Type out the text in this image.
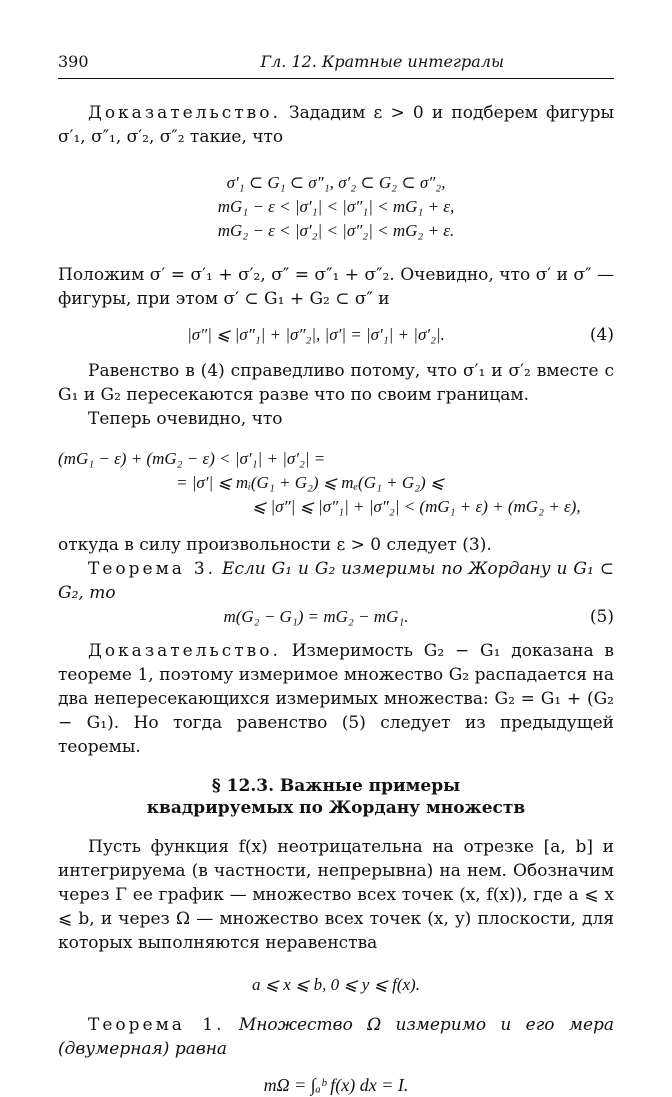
390	Гл. 12. Кратные интегралы

Доказательство. Зададим ε > 0 и подберем фигуры σ′₁, σ″₁, σ′₂, σ″₂ такие, что

σ′₁ ⊂ G₁ ⊂ σ″₁, σ′₂ ⊂ G₂ ⊂ σ″₂,

mG₁ − ε < |σ′₁| < |σ″₁| < mG₁ + ε,

mG₂ − ε < |σ′₂| < |σ″₂| < mG₂ + ε.

Положим σ′ = σ′₁ + σ′₂, σ″ = σ″₁ + σ″₂. Очевидно, что σ′ и σ″ — фигуры, при этом σ′ ⊂ G₁ + G₂ ⊂ σ″ и

|σ″| ⩽ |σ″₁| + |σ″₂|, |σ′| = |σ′₁| + |σ′₂|.	(4)

Равенство в (4) справедливо потому, что σ′₁ и σ′₂ вместе с G₁ и G₂ пересекаются разве что по своим границам.

Теперь очевидно, что

(mG₁ − ε) + (mG₂ − ε) < |σ′₁| + |σ′₂| =
= |σ′| ⩽ mᵢ(G₁ + G₂) ⩽ mₑ(G₁ + G₂) ⩽
⩽ |σ″| ⩽ |σ″₁| + |σ″₂| < (mG₁ + ε) + (mG₂ + ε),

откуда в силу произвольности ε > 0 следует (3).

Теорема 3. Если G₁ и G₂ измеримы по Жордану и G₁ ⊂ G₂, то

m(G₂ − G₁) = mG₂ − mG₁.	(5)

Доказательство. Измеримость G₂ − G₁ доказана в теореме 1, поэтому измеримое множество G₂ распадается на два непересекающихся измеримых множества: G₂ = G₁ + (G₂ − G₁). Но тогда равенство (5) следует из предыдущей теоремы.

§ 12.3. Важные примеры
квадрируемых по Жордану множеств

Пусть функция f(x) неотрицательна на отрезке [a, b] и интегрируема (в частности, непрерывна) на нем. Обозначим через Γ ее график — множество всех точек (x, f(x)), где a ⩽ x ⩽ b, и через Ω — множество всех точек (x, y) плоскости, для которых выполняются неравенства

a ⩽ x ⩽ b, 0 ⩽ y ⩽ f(x).

Теорема 1. Множество Ω измеримо и его мера (двумерная) равна

mΩ = ∫ₐᵇ f(x) dx = I.
